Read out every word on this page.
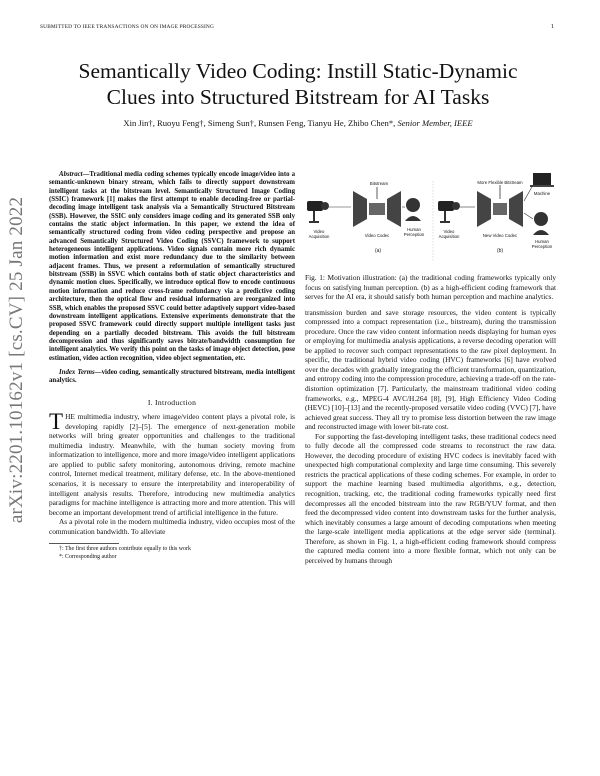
SUBMITTED TO IEEE TRANSACTIONS ON ON IMAGE PROCESSING	1
arXiv:2201.10162v1 [cs.CV] 25 Jan 2022
Semantically Video Coding: Instill Static-Dynamic
Clues into Structured Bitstream for AI Tasks
Xin Jin†, Ruoyu Feng†, Simeng Sun†, Runsen Feng, Tianyu He, Zhibo Chen*, Senior Member, IEEE

Abstract—Traditional media coding schemes typically encode image/video into a semantic-unknown binary stream, which fails to directly support downstream intelligent tasks at the bitstream level. Semantically Structured Image Coding (SSIC) framework [1] makes the first attempt to enable decoding-free or partial-decoding image intelligent task analysis via a Semantically Structured Bitstream (SSB). However, the SSIC only considers image coding and its generated SSB only contains the static object information. In this paper, we extend the idea of semantically structured coding from video coding perspective and propose an advanced Semantically Structured Video Coding (SSVC) framework to support heterogeneous intelligent applications. Video signals contain more rich dynamic motion information and exist more redundancy due to the similarity between adjacent frames. Thus, we present a reformulation of semantically structured bitstream (SSB) in SSVC which contains both of static object characteristics and dynamic motion clues. Specifically, we introduce optical flow to encode continuous motion information and reduce cross-frame redundancy via a predictive coding architecture, then the optical flow and residual information are reorganized into SSB, which enables the proposed SSVC could better adaptively support video-based downstream intelligent applications. Extensive experiments demonstrate that the proposed SSVC framework could directly support multiple intelligent tasks just depending on a partially decoded bitstream. This avoids the full bitstream decompression and thus significantly saves bitrate/bandwidth consumption for intelligent analytics. We verify this point on the tasks of image object detection, pose estimation, video action recognition, video object segmentation, etc.

Index Terms—video coding, semantically structured bitstream, media intelligent analytics.

I. Introduction

THE multimedia industry, where image/video content plays a pivotal role, is developing rapidly [2]–[5]. The emergence of next-generation mobile networks will bring greater opportunities and challenges to the traditional multimedia industry. Meanwhile, with the human society moving from informatization to intelligence, more and more image/video intelligent applications are applied to public safety monitoring, autonomous driving, remote machine control, Internet medical treatment, military defense, etc. In the above-mentioned scenarios, it is necessary to ensure the interpretability and interoperability of intelligent analysis results. Therefore, introducing new multimedia analytics paradigms for machine intelligence is attracting more and more attention. This will become an important development trend of artificial intelligence in the future.

As a pivotal role in the modern multimedia industry, video occupies most of the communication bandwidth. To alleviate

†: The first three authors contribute equally to this work
*: Corresponding author
Bitstream
Video Acquisition	Video Codec
Human Perception
(a)
More Flexible Bitstream
Machine
Video Acquisition	New Video Codec
Human Perception
(b)
Fig. 1: Motivation illustration: (a) the traditional coding frameworks typically only focus on satisfying human perception. (b) as a high-efficient coding framework that serves for the AI era, it should satisfy both human perception and machine analytics.

transmission burden and save storage resources, the video content is typically compressed into a compact representation (i.e., bitstream), during the transmission procedure. Once the raw video content information needs displaying for human eyes or employing for multimedia analysis applications, a reverse decoding operation will be applied to recover such compact representations to the raw pixel deployment. In specific, the traditional hybrid video coding (HVC) frameworks [6] have evolved over the decades with gradually integrating the efficient transformation, quantization, and entropy coding into the compression procedure, achieving a trade-off on the rate-distortion optimization [7]. Particularly, the mainstream traditional video coding frameworks, e.g., MPEG-4 AVC/H.264 [8], [9], High Efficiency Video Coding (HEVC) [10]–[13] and the recently-proposed versatile video coding (VVC) [7], have achieved great success. They all try to promise less distortion between the raw image and reconstructed image with lower bit-rate cost.

For supporting the fast-developing intelligent tasks, these traditional codecs need to fully decode all the compressed code streams to reconstruct the raw data. However, the decoding procedure of existing HVC codecs is inevitably faced with unexpected high computational complexity and large time consuming. This severely restricts the practical applications of these coding schemes. For example, in order to support the machine learning based multimedia algorithms, e.g., detection, recognition, tracking, etc, the traditional coding frameworks typically need first decompresses all the encoded bitstream into the raw RGB/YUV format, and then feed the decompressed video content into downstream tasks for the further analysis, which inevitably consumes a large amount of decoding computations when meeting the large-scale intelligent media applications at the edge server side (terminal). Therefore, as shown in Fig. 1, a high-efficient coding framework should compress the captured media content into a more flexible format, which not only can be perceived by humans through
